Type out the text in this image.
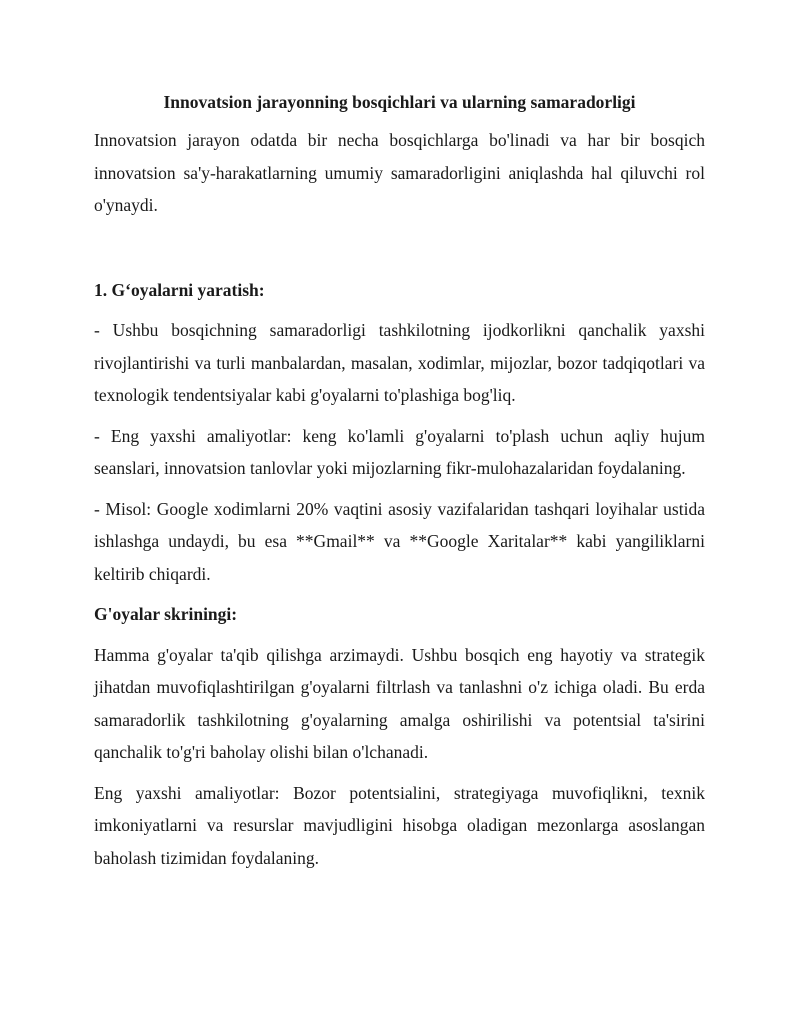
Innovatsion jarayonning bosqichlari va ularning samaradorligi
Innovatsion jarayon odatda bir necha bosqichlarga bo'linadi va har bir bosqich innovatsion sa'y-harakatlarning umumiy samaradorligini aniqlashda hal qiluvchi rol o'ynaydi.
1. G‘oyalarni yaratish:
- Ushbu bosqichning samaradorligi tashkilotning ijodkorlikni qanchalik yaxshi rivojlantirishi va turli manbalardan, masalan, xodimlar, mijozlar, bozor tadqiqotlari va texnologik tendentsiyalar kabi g'oyalarni to'plashiga bog'liq.
- Eng yaxshi amaliyotlar: keng ko'lamli g'oyalarni to'plash uchun aqliy hujum seanslari, innovatsion tanlovlar yoki mijozlarning fikr-mulohazalaridan foydalaning.
- Misol: Google xodimlarni 20% vaqtini asosiy vazifalaridan tashqari loyihalar ustida ishlashga undaydi, bu esa **Gmail** va **Google Xaritalar** kabi yangiliklarni keltirib chiqardi.
G'oyalar skriningi:
Hamma g'oyalar ta'qib qilishga arzimaydi. Ushbu bosqich eng hayotiy va strategik jihatdan muvofiqlashtirilgan g'oyalarni filtrlash va tanlashni o'z ichiga oladi. Bu erda samaradorlik tashkilotning g'oyalarning amalga oshirilishi va potentsial ta'sirini qanchalik to'g'ri baholay olishi bilan o'lchanadi.
Eng yaxshi amaliyotlar: Bozor potentsialini, strategiyaga muvofiqlikni, texnik imkoniyatlarni va resurslar mavjudligini hisobga oladigan mezonlarga asoslangan baholash tizimidan foydalaning.
